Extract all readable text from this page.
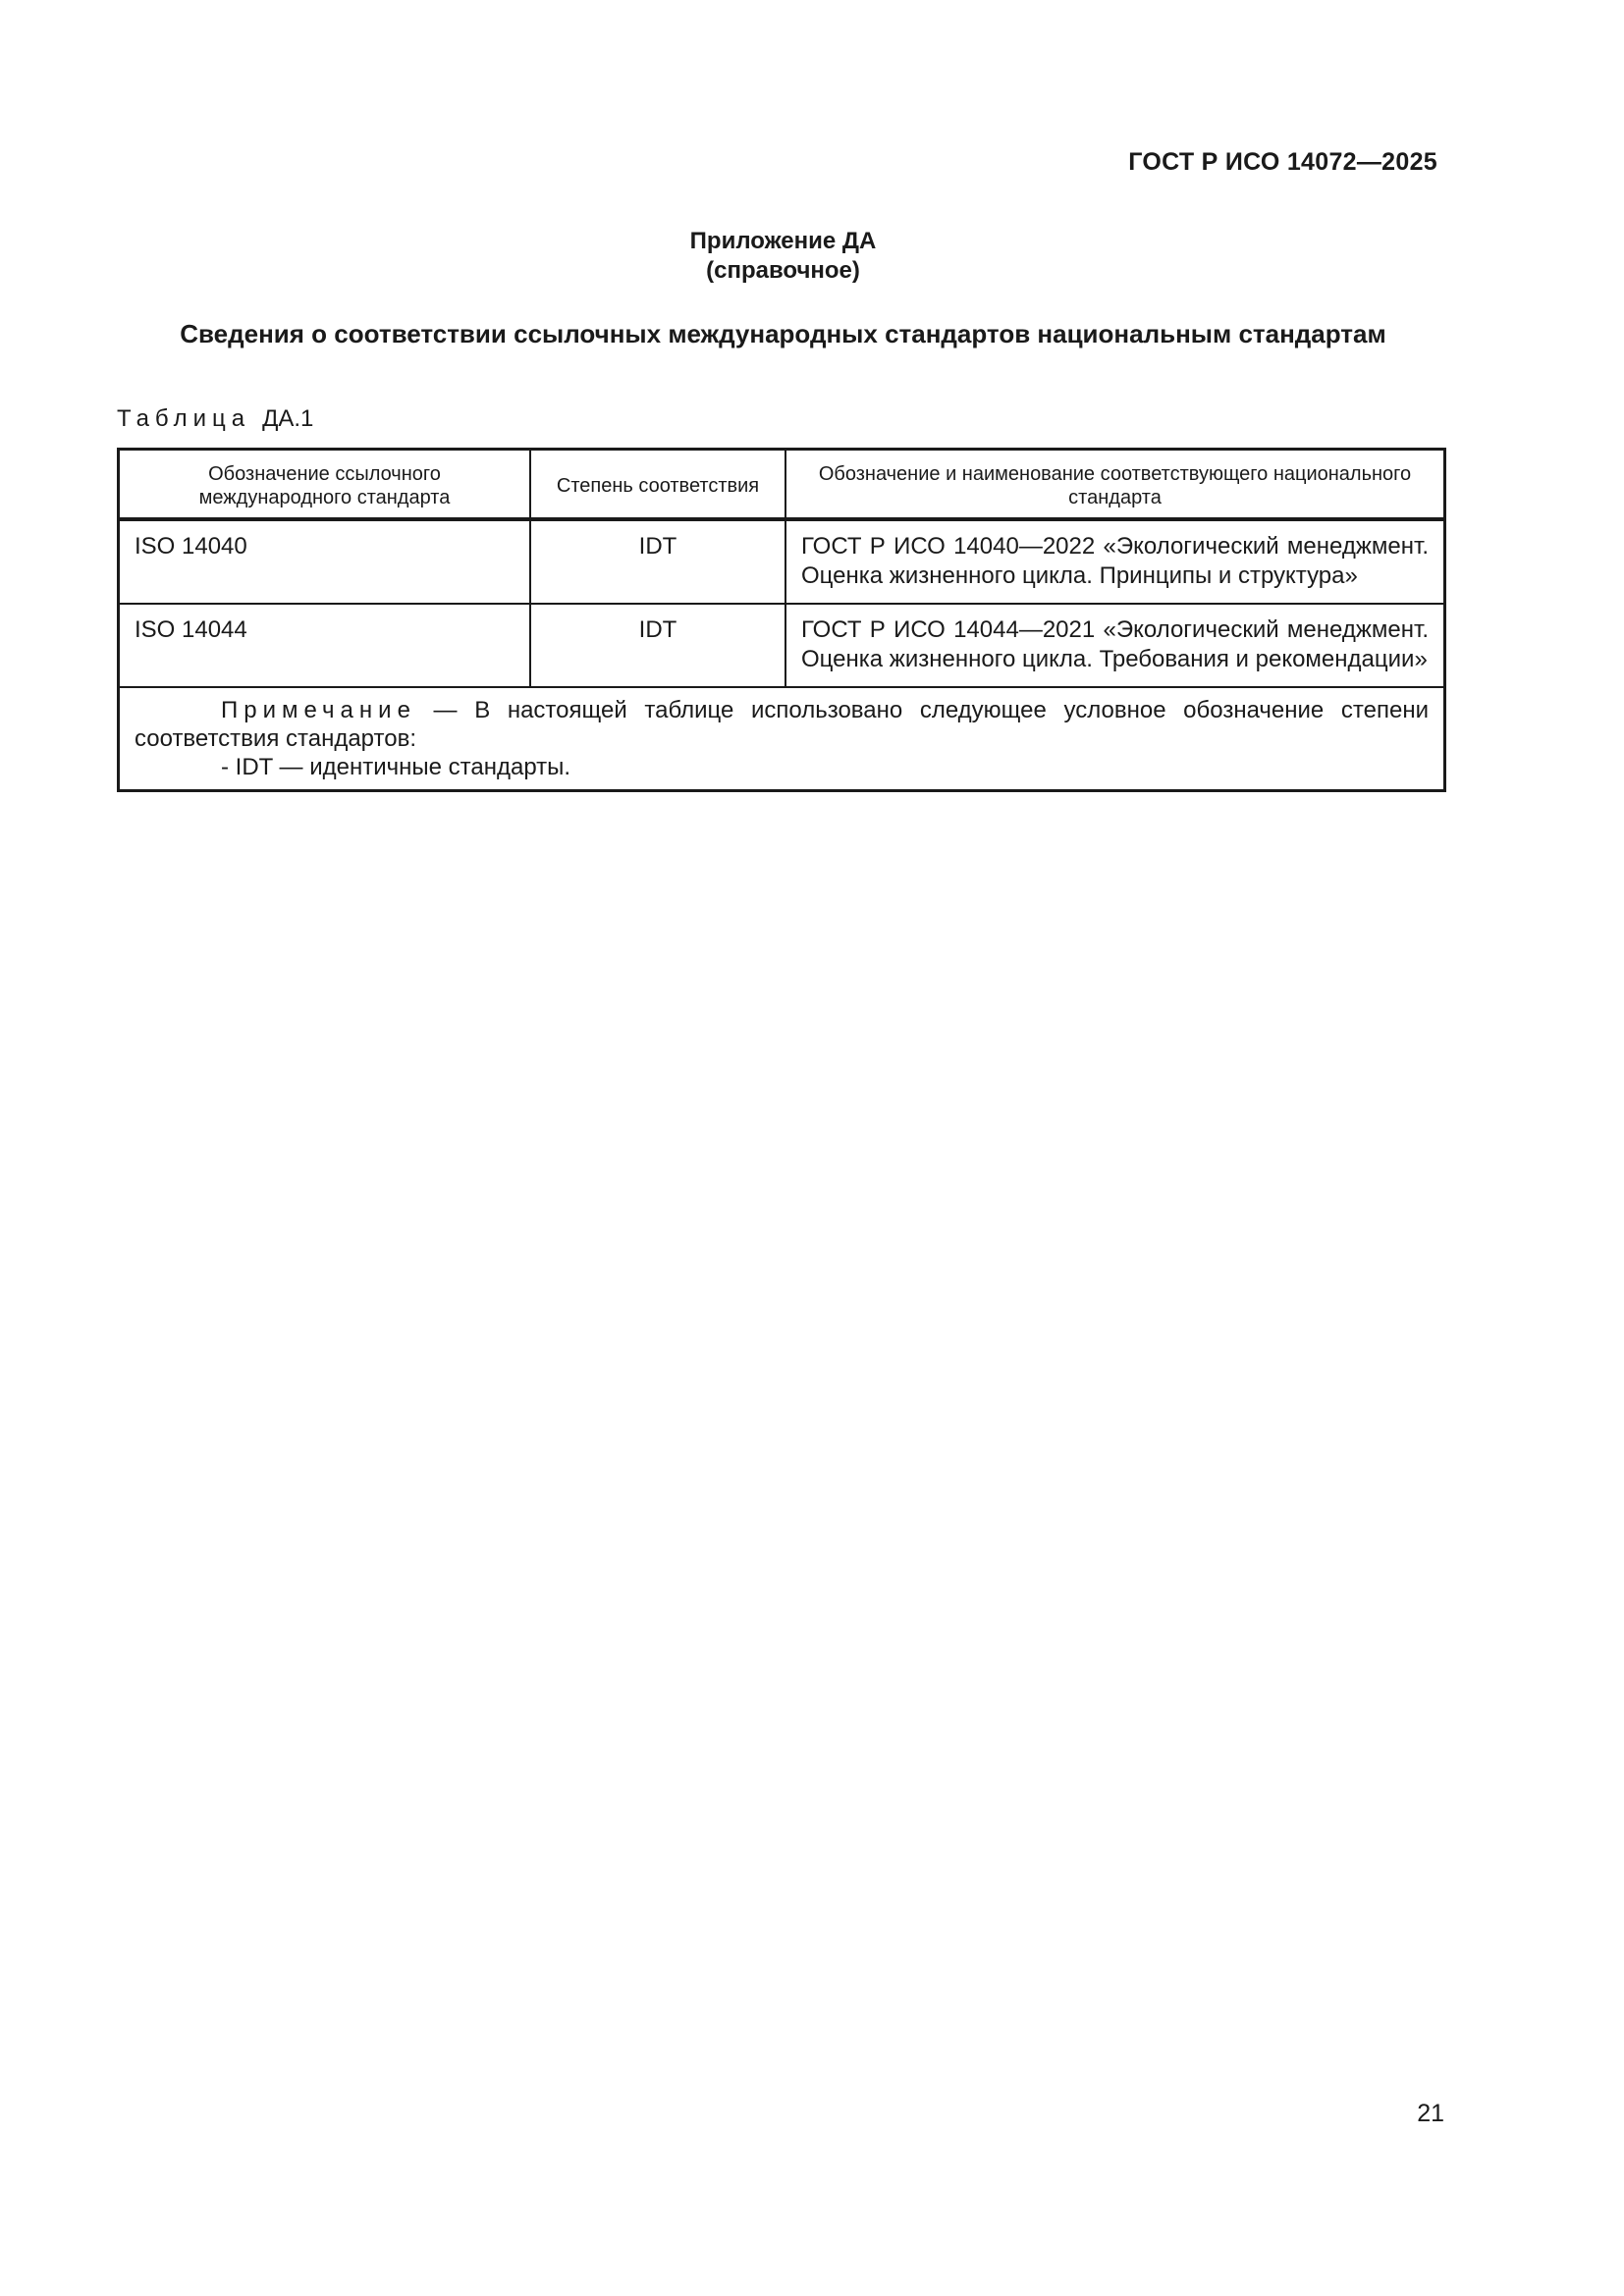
ГОСТ Р ИСО 14072—2025
Приложение ДА
(справочное)
Сведения о соответствии ссылочных международных стандартов национальным стандартам
Таблица ДА.1
Обозначение ссылочного международного стандарта	Степень соответствия	Обозначение и наименование соответствующего национального стандарта
ISO 14040	IDT	ГОСТ Р ИСО 14040—2022 «Экологический менеджмент. Оценка жизненного цикла. Принципы и структура»
ISO 14044	IDT	ГОСТ Р ИСО 14044—2021 «Экологический менеджмент. Оценка жизненного цикла. Требования и рекомендации»

Примечание — В настоящей таблице использовано следующее условное обозначение степени соответствия стандартов:
- IDT — идентичные стандарты.		
21
